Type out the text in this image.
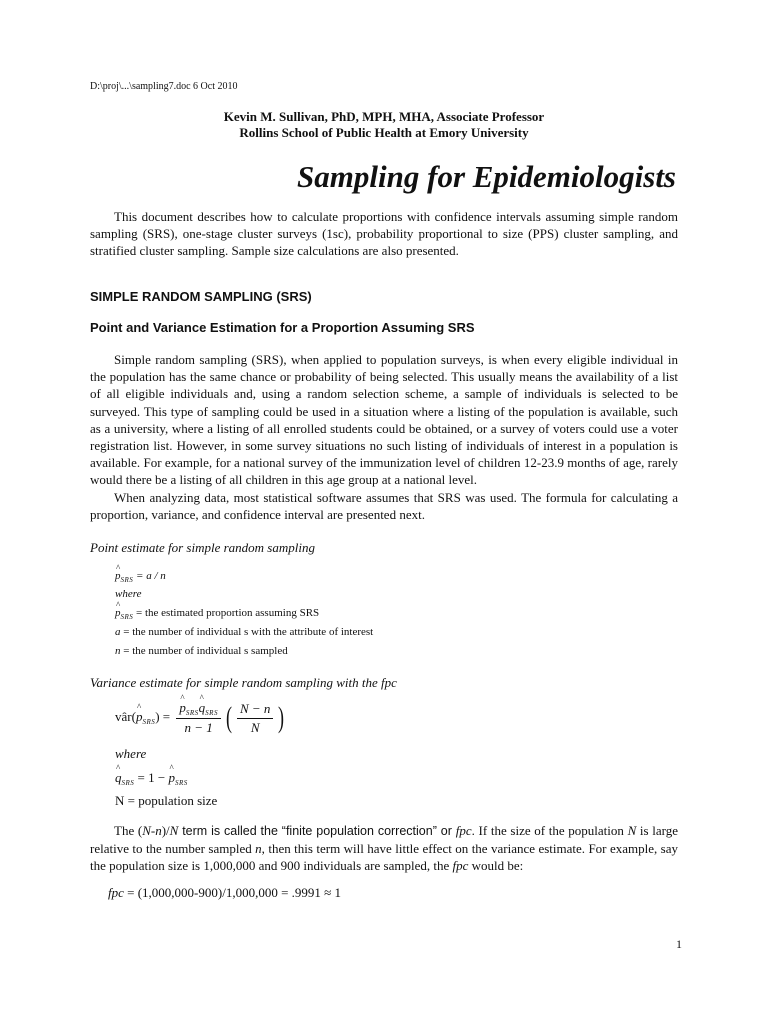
D:\proj\...\sampling7.doc 6 Oct 2010
Kevin M. Sullivan, PhD, MPH, MHA, Associate Professor
Rollins School of Public Health at Emory University
Sampling for Epidemiologists
This document describes how to calculate proportions with confidence intervals assuming simple random sampling (SRS), one-stage cluster surveys (1sc), probability proportional to size (PPS) cluster sampling, and stratified cluster sampling. Sample size calculations are also presented.
SIMPLE RANDOM SAMPLING (SRS)
Point and Variance Estimation for a Proportion Assuming SRS
Simple random sampling (SRS), when applied to population surveys, is when every eligible individual in the population has the same chance or probability of being selected. This usually means the availability of a list of all eligible individuals and, using a random selection scheme, a sample of individuals is selected to be surveyed. This type of sampling could be used in a situation where a listing of the population is available, such as a university, where a listing of all enrolled students could be obtained, or a survey of voters could use a voter registration list. However, in some survey situations no such listing of individuals of interest in a population is available. For example, for a national survey of the immunization level of children 12-23.9 months of age, rarely would there be a listing of all children in this age group at a national level.
When analyzing data, most statistical software assumes that SRS was used. The formula for calculating a proportion, variance, and confidence interval are presented next.
Point estimate for simple random sampling
^ $p_{SRS} = a / n$
where
^ $p_{SRS}$ = the estimated proportion assuming SRS
a = the number of individual s with the attribute of interest
n = the number of individual s sampled
Variance estimate for simple random sampling with the fpc
vâr(^ $p_{SRS}$) = ^ $\frac{p_{SRS}\^{} q_{SRS}}{n - 1}$ ( $\frac{N - n}{N}$ )
where
^ $q_{SRS} = 1$ − ^ $p_{SRS}$
N = population size
The (N-n)/N term is called the “finite population correction” or fpc. If the size of the population N is large relative to the number sampled n, then this term will have little effect on the variance estimate. For example, say the population size is 1,000,000 and 900 individuals are sampled, the fpc would be:
fpc = (1,000,000-900)/1,000,000 = .9991 ≈ 1
1
